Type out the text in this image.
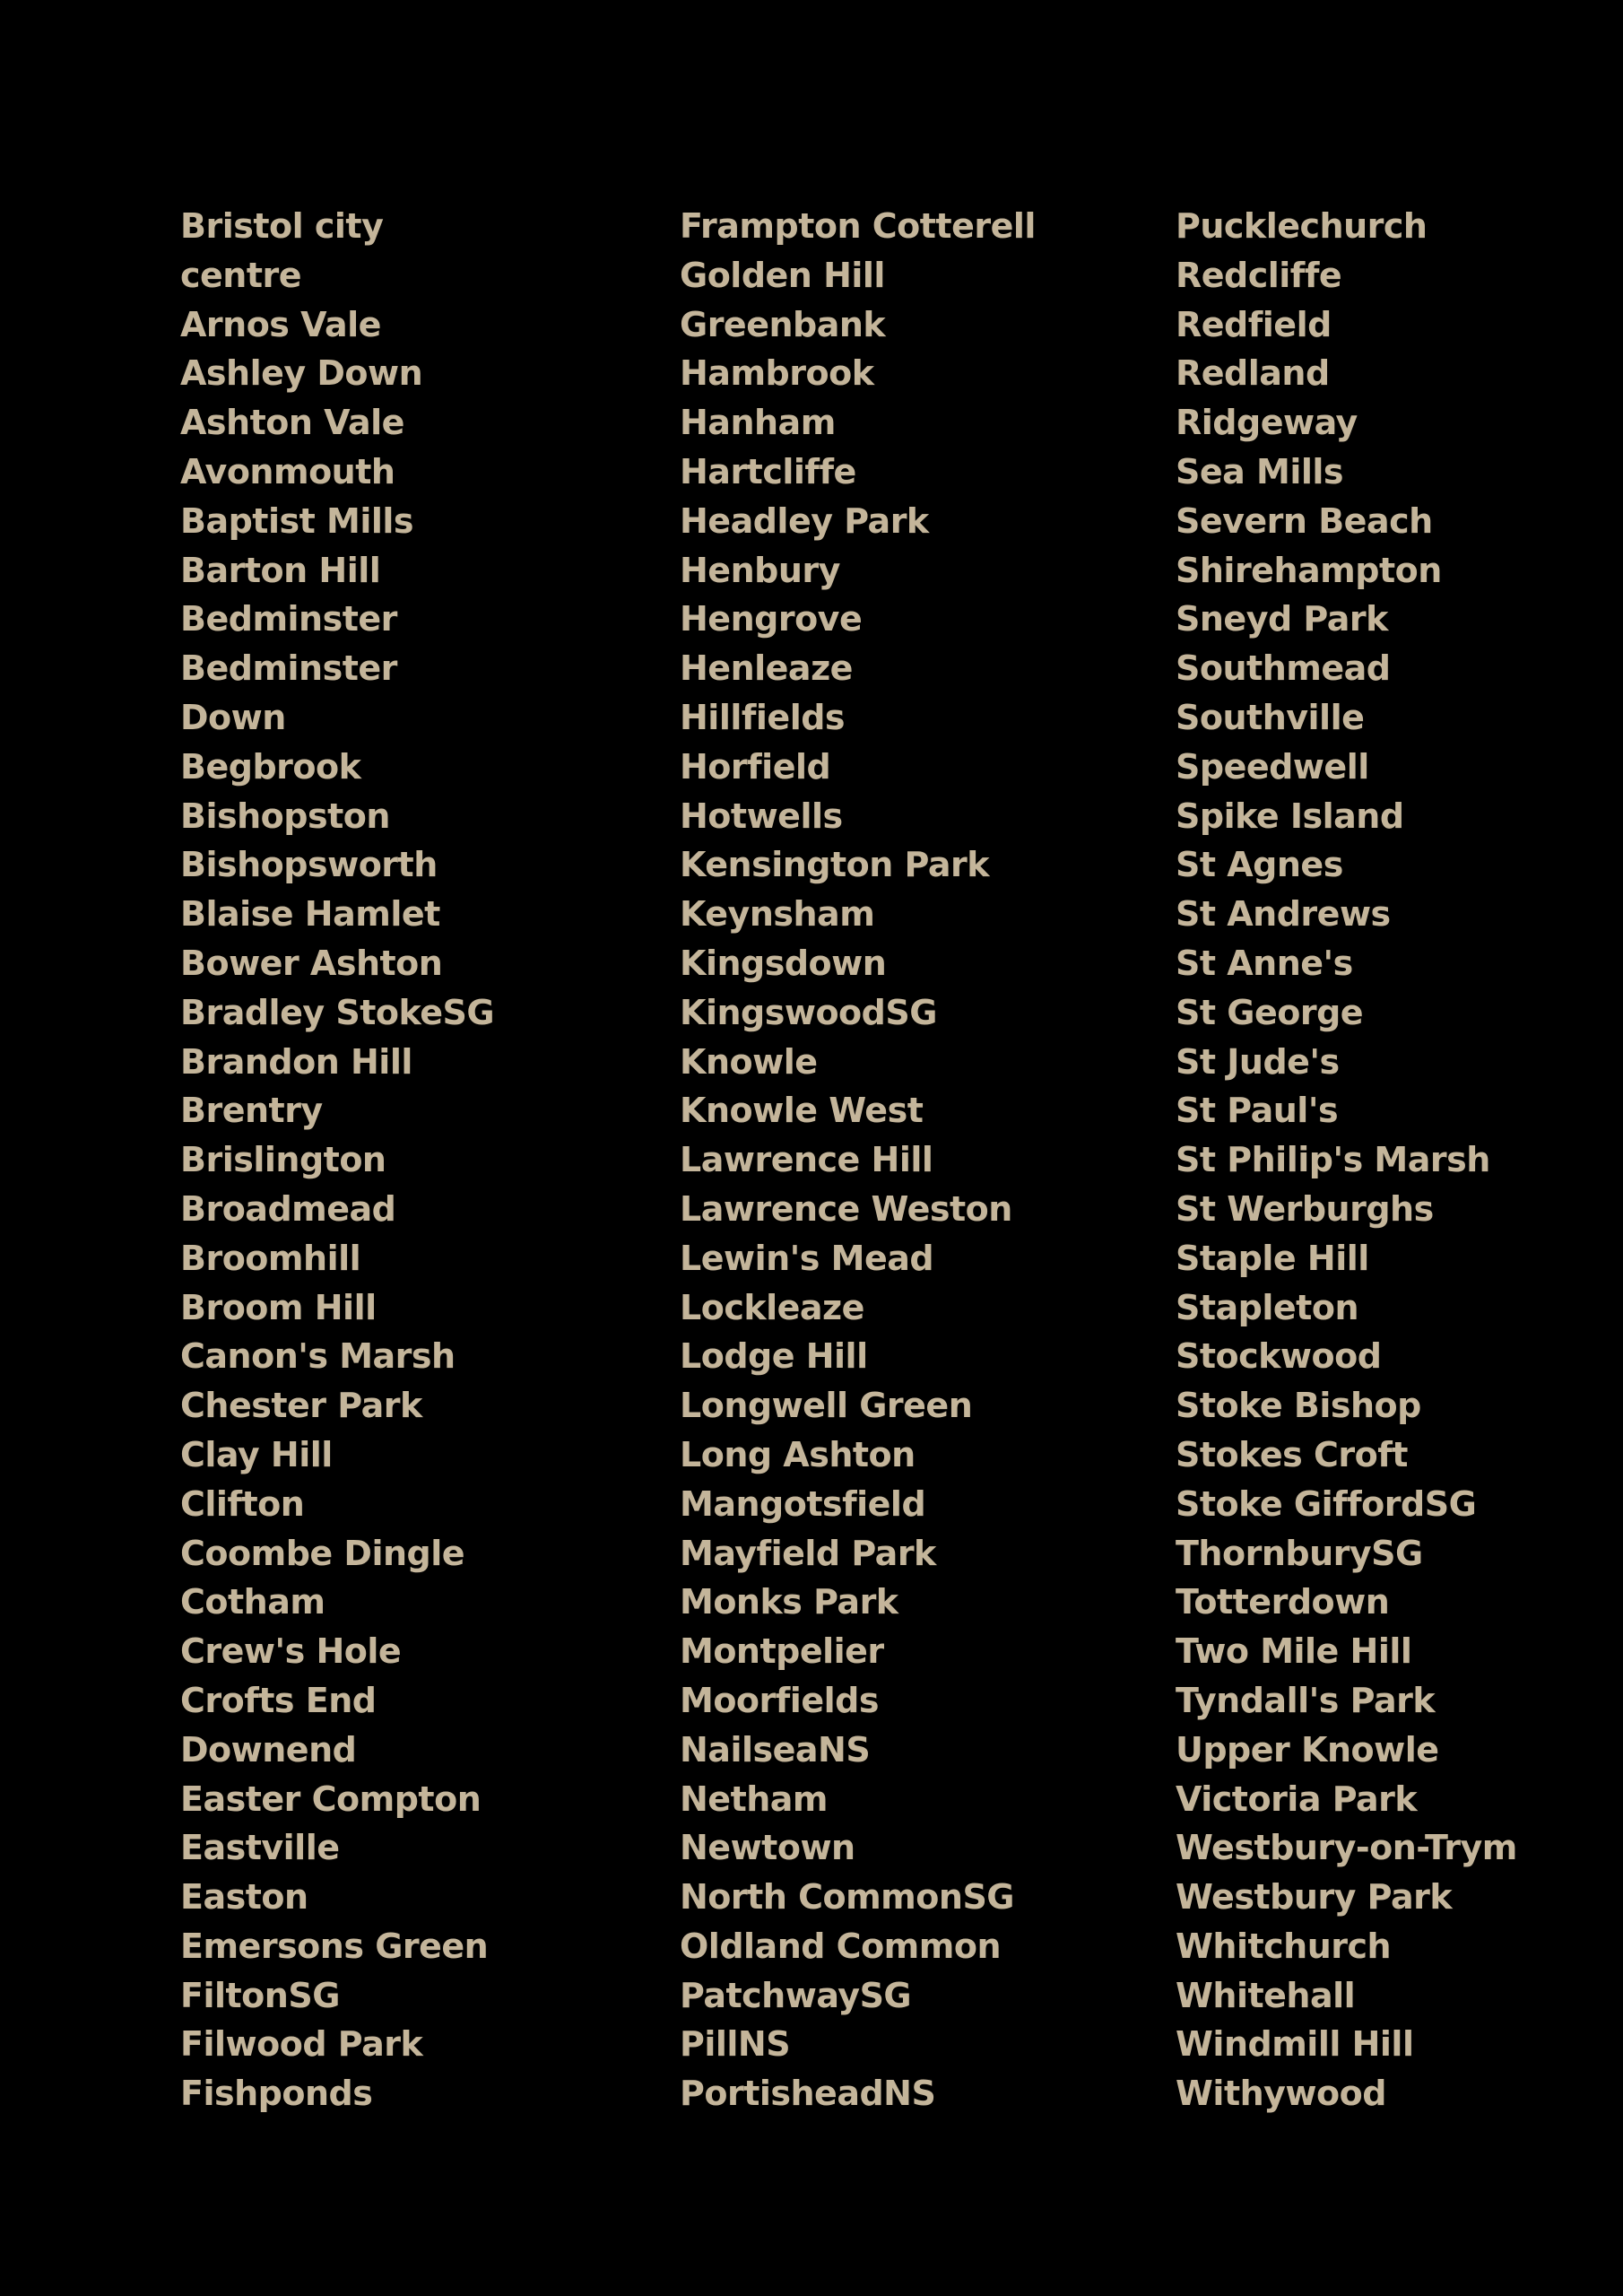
Bristol city
centre
Arnos Vale
Ashley Down
Ashton Vale
Avonmouth
Baptist Mills
Barton Hill
Bedminster
Bedminster
Down
Begbrook
Bishopston
Bishopsworth
Blaise Hamlet
Bower Ashton
Bradley StokeSG
Brandon Hill
Brentry
Brislington
Broadmead
Broomhill
Broom Hill
Canon's Marsh
Chester Park
Clay Hill
Clifton
Coombe Dingle
Cotham
Crew's Hole
Crofts End
Downend
Easter Compton
Eastville
Easton
Emersons Green
FiltonSG
Filwood Park
Fishponds
Frampton Cotterell
Golden Hill
Greenbank
Hambrook
Hanham
Hartcliffe
Headley Park
Henbury
Hengrove
Henleaze
Hillfields
Horfield
Hotwells
Kensington Park
Keynsham
Kingsdown
KingswoodSG
Knowle
Knowle West
Lawrence Hill
Lawrence Weston
Lewin's Mead
Lockleaze
Lodge Hill
Longwell Green
Long Ashton
Mangotsfield
Mayfield Park
Monks Park
Montpelier
Moorfields
NailseaNS
Netham
Newtown
North CommonSG
Oldland Common
PatchwaySG
PillNS
PortisheadNS
Pucklechurch
Redcliffe
Redfield
Redland
Ridgeway
Sea Mills
Severn Beach
Shirehampton
Sneyd Park
Southmead
Southville
Speedwell
Spike Island
St Agnes
St Andrews
St Anne's
St George
St Jude's
St Paul's
St Philip's Marsh
St Werburghs
Staple Hill
Stapleton
Stockwood
Stoke Bishop
Stokes Croft
Stoke GiffordSG
ThornburySG
Totterdown
Two Mile Hill
Tyndall's Park
Upper Knowle
Victoria Park
Westbury-on-Trym
Westbury Park
Whitchurch
Whitehall
Windmill Hill
Withywood
